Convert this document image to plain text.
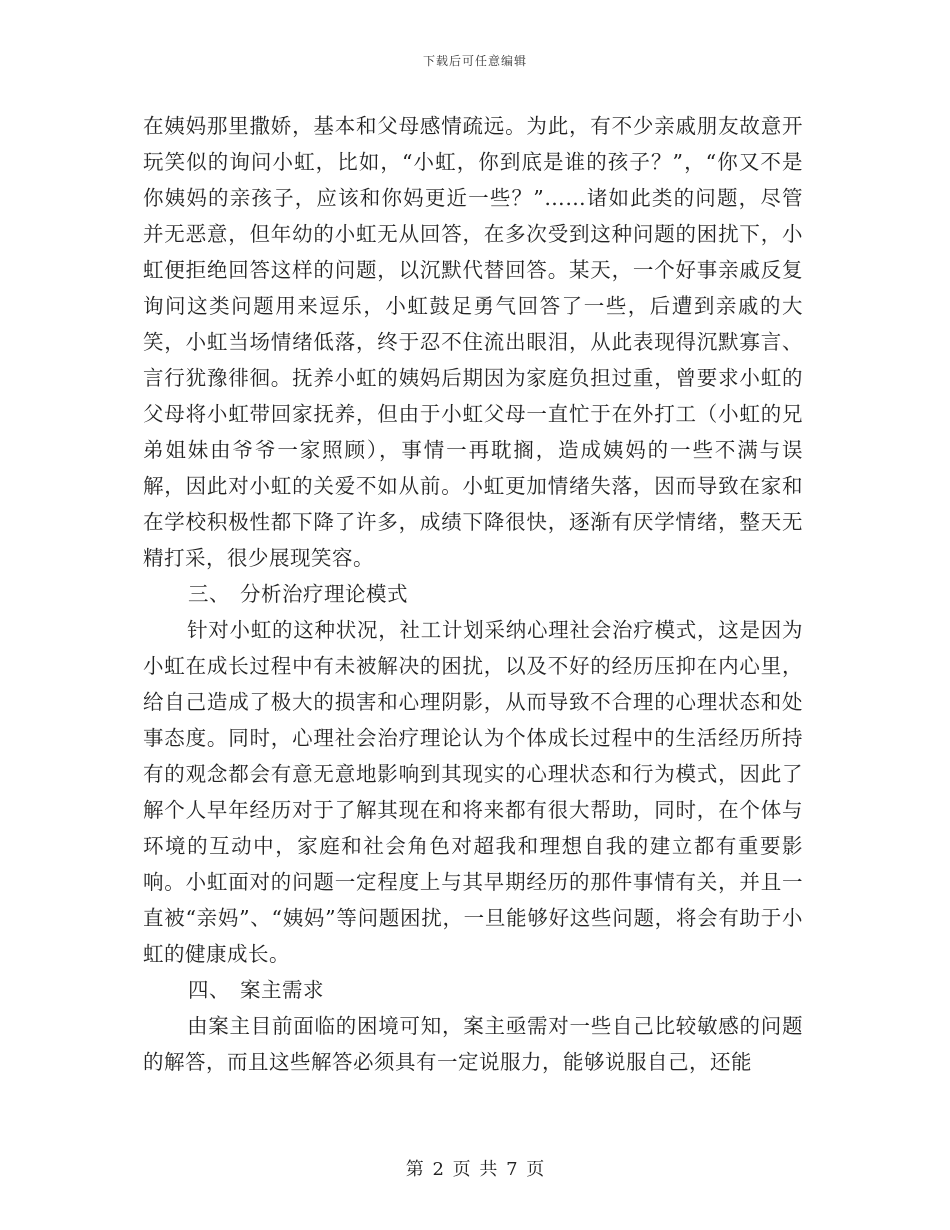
下载后可任意编辑

在姨妈那里撒娇，基本和父母感情疏远。为此，有不少亲戚朋友故意开玩笑似的询问小虹，比如，“小虹，你到底是谁的孩子？”，“你又不是你姨妈的亲孩子，应该和你妈更近一些？”……诸如此类的问题，尽管并无恶意，但年幼的小虹无从回答，在多次受到这种问题的困扰下，小虹便拒绝回答这样的问题，以沉默代替回答。某天，一个好事亲戚反复询问这类问题用来逗乐，小虹鼓足勇气回答了一些，后遭到亲戚的大笑，小虹当场情绪低落，终于忍不住流出眼泪，从此表现得沉默寡言、言行犹豫徘徊。抚养小虹的姨妈后期因为家庭负担过重，曾要求小虹的父母将小虹带回家抚养，但由于小虹父母一直忙于在外打工（小虹的兄弟姐妹由爷爷一家照顾），事情一再耽搁，造成姨妈的一些不满与误解，因此对小虹的关爱不如从前。小虹更加情绪失落，因而导致在家和在学校积极性都下降了许多，成绩下降很快，逐渐有厌学情绪，整天无精打采，很少展现笑容。

三、 分析治疗理论模式

针对小虹的这种状况，社工计划采纳心理社会治疗模式，这是因为小虹在成长过程中有未被解决的困扰，以及不好的经历压抑在内心里，给自己造成了极大的损害和心理阴影，从而导致不合理的心理状态和处事态度。同时，心理社会治疗理论认为个体成长过程中的生活经历所持有的观念都会有意无意地影响到其现实的心理状态和行为模式，因此了解个人早年经历对于了解其现在和将来都有很大帮助，同时，在个体与环境的互动中，家庭和社会角色对超我和理想自我的建立都有重要影响。小虹面对的问题一定程度上与其早期经历的那件事情有关，并且一直被“亲妈”、“姨妈”等问题困扰，一旦能够好这些问题，将会有助于小虹的健康成长。

四、 案主需求

由案主目前面临的困境可知，案主亟需对一些自己比较敏感的问题的解答，而且这些解答必须具有一定说服力，能够说服自己，还能

第 2 页 共 7 页
